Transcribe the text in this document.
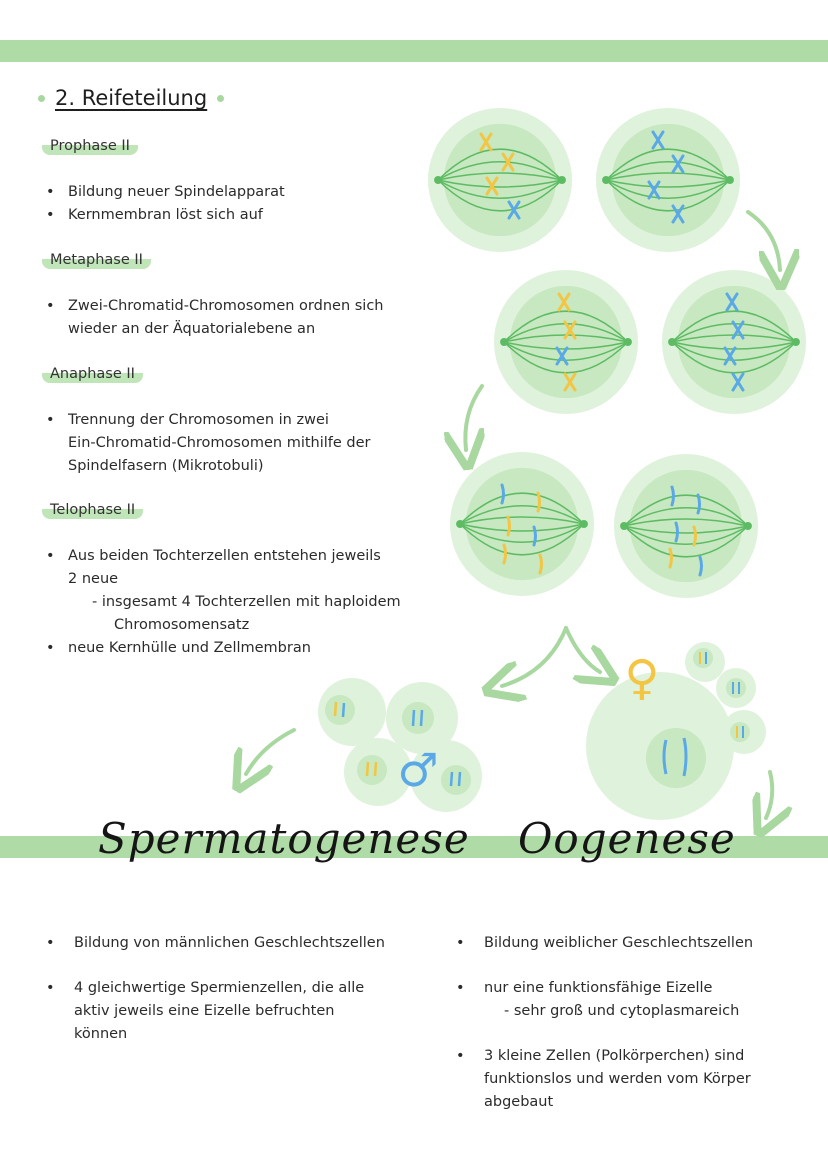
2. Reifeteilung
Prophase II
• Bildung neuer Spindelapparat
• Kernmembran löst sich auf
Metaphase II
• Zwei-Chromatid-Chromosomen ordnen sich
wieder an der Äquatorialebene an
Anaphase II
• Trennung der Chromosomen in zwei
Ein-Chromatid-Chromosomen mithilfe der
Spindelfasern (Mikrotobuli)
Telophase II
• Aus beiden Tochterzellen entstehen jeweils
2 neue
- insgesamt 4 Tochterzellen mit haploidem
Chromosomensatz
• neue Kernhülle und Zellmembran
♂
♀
Spermatogenese Oogenese
•	Bildung von männlichen Geschlechtszellen
•	4 gleichwertige Spermienzellen, die alle
aktiv jeweils eine Eizelle befruchten
können
•	Bildung weiblicher Geschlechtszellen
•	nur eine funktionsfähige Eizelle
- sehr groß und cytoplasmareich
•	3 kleine Zellen (Polkörperchen) sind
funktionslos und werden vom Körper
abgebaut
